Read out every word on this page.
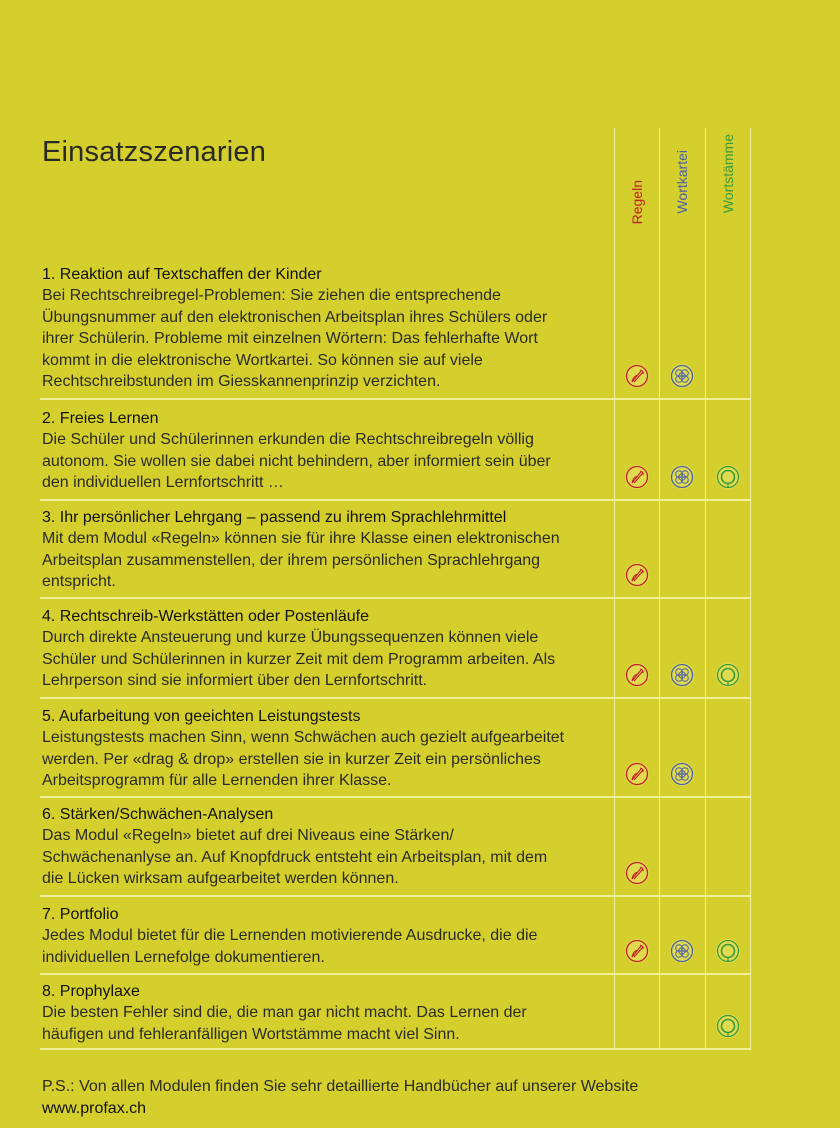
Einsatzszenarien
Regeln Wortkartei Wortstämme
1. Reaktion auf Textschaffen der Kinder
Bei Rechtschreibregel-Problemen: Sie ziehen die entsprechende
Übungsnummer auf den elektronischen Arbeitsplan ihres Schülers oder
ihrer Schülerin. Probleme mit einzelnen Wörtern: Das fehlerhafte Wort
kommt in die elektronische Wortkartei. So können sie auf viele
Rechtschreibstunden im Giesskannenprinzip verzichten.
2. Freies Lernen
Die Schüler und Schülerinnen erkunden die Rechtschreibregeln völlig
autonom. Sie wollen sie dabei nicht behindern, aber informiert sein über
den individuellen Lernfortschritt …
3. Ihr persönlicher Lehrgang – passend zu ihrem Sprachlehrmittel
Mit dem Modul «Regeln» können sie für ihre Klasse einen elektronischen
Arbeitsplan zusammenstellen, der ihrem persönlichen Sprachlehrgang
entspricht.
4. Rechtschreib-Werkstätten oder Postenläufe
Durch direkte Ansteuerung und kurze Übungssequenzen können viele
Schüler und Schülerinnen in kurzer Zeit mit dem Programm arbeiten. Als
Lehrperson sind sie informiert über den Lernfortschritt.
5. Aufarbeitung von geeichten Leistungstests
Leistungstests machen Sinn, wenn Schwächen auch gezielt aufgearbeitet
werden. Per «drag & drop» erstellen sie in kurzer Zeit ein persönliches
Arbeitsprogramm für alle Lernenden ihrer Klasse.
6. Stärken/Schwächen-Analysen
Das Modul «Regeln» bietet auf drei Niveaus eine Stärken/
Schwächenanlyse an. Auf Knopfdruck entsteht ein Arbeitsplan, mit dem
die Lücken wirksam aufgearbeitet werden können.
7. Portfolio
Jedes Modul bietet für die Lernenden motivierende Ausdrucke, die die
individuellen Lernefolge dokumentieren.
8. Prophylaxe
Die besten Fehler sind die, die man gar nicht macht. Das Lernen der
häufigen und fehleranfälligen Wortstämme macht viel Sinn.
P.S.: Von allen Modulen finden Sie sehr detaillierte Handbücher auf unserer Website
www.profax.ch
